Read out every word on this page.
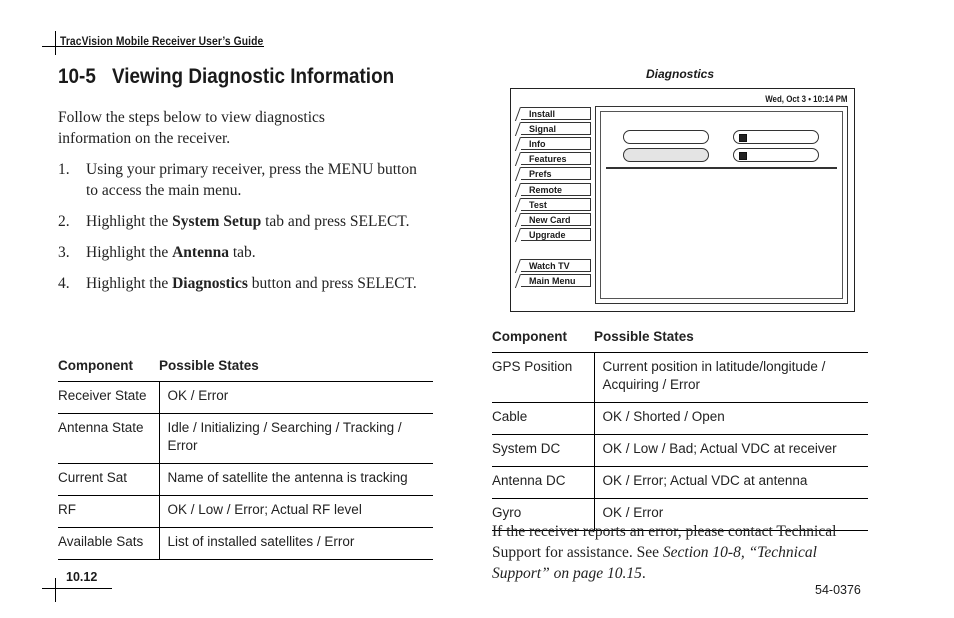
TracVision Mobile Receiver User’s Guide
10-5 Viewing Diagnostic Information
Follow the steps below to view diagnostics information on the receiver.
1.	Using your primary receiver, press the MENU button to access the main menu.
2.	Highlight the System Setup tab and press SELECT.
3.	Highlight the Antenna tab.
4.	Highlight the Diagnostics button and press SELECT.
Component	Possible States
Receiver State	OK / Error
Antenna State	Idle / Initializing / Searching / Tracking / Error
Current Sat	Name of satellite the antenna is tracking
RF	OK / Low / Error; Actual RF level
Available Sats	List of installed satellites / Error
Diagnostics
Wed, Oct 3 • 10:14 PM
Install
Signal
Info
Features
Prefs
Remote
Test
New Card
Upgrade
Watch TV
Main Menu
Component	Possible States
GPS Position	Current position in latitude/longitude / Acquiring / Error
Cable	OK / Shorted / Open
System DC	OK / Low / Bad; Actual VDC at receiver
Antenna DC	OK / Error; Actual VDC at antenna
Gyro	OK / Error
If the receiver reports an error, please contact Technical Support for assistance. See Section 10-8, “Technical Support” on page 10.15.
10.12
54-0376
